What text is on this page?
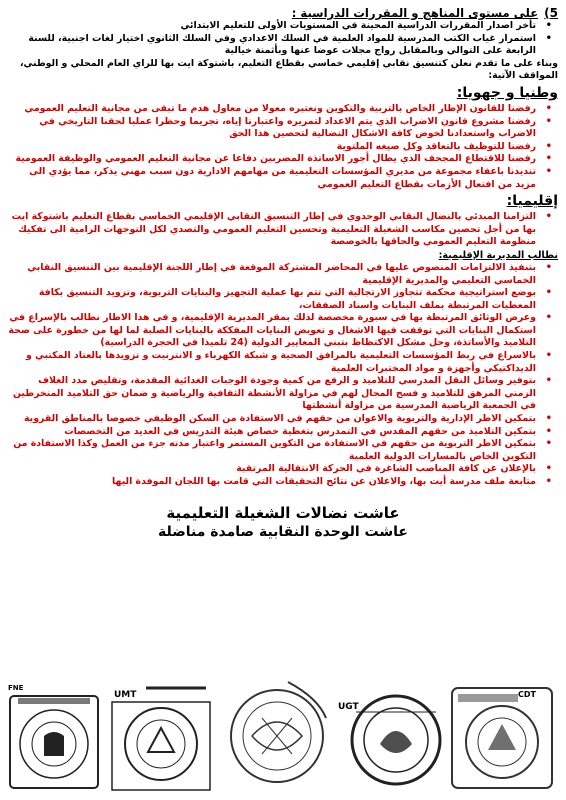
5)
على مستوى المناهج و المقررات الدراسية :
• تأخر اصدار المقررات الدراسية المحينة في المستويات الأولى للتعليم الابتدائي
• استمرار غياب الكتب المدرسية للمواد العلمية في السلك الاعدادي وفي السلك الثانوي اختيار لغات اجنبية، للسنة الرابعة على التوالي وبالمقابل رواج مجلات عوضا عنها وبأثمنة خيالية
وبناء على ما تقدم نعلن كتنسيق نقابي إقليمي خماسي بقطاع التعليم، باشتوكة ايت بها للراي العام المحلي و الوطني، المواقف الآتية:
وطنيا و جهويا:
• رفضنا للقانون الإطار الخاص بالتربية والتكوين ونعتبره معولا من معاول هدم ما تبقى من مجانية التعليم العمومي
• رفضنا مشروع قانون الاضراب الذي يتم الاعداد لتمريره واعتبارنا إياه، تجريما وحظرا عمليا لحقنا التاريخي في الاضراب واستعدادنا لخوض كافة الاشكال النضالية لتحصين هذا الحق
• رفضنا للتوظيف بالتعاقد وكل صيغه الملتوية
• رفضنا للاقتطاع المجحف الذي يطال أجور الاساتذة المضربين دفاعا عن مجانية التعليم العمومي والوظيفة العمومية
• تنديدنا باعفاء مجموعة من مديري المؤسسات التعليمية من مهامهم الادارية دون سبب مهني يذكر، مما يؤدي الى مزيد من افتعال الأزمات بقطاع التعليم العمومي
إقليميا:
• التزامنا المبدئي بالنضال النقابي الوحدوي في إطار التنسيق النقابي الإقليمي الخماسي بقطاع التعليم باشتوكة ايت بها من أجل تحصين مكاسب الشغيلة التعليمية وتحسين التعليم العمومي والتصدي لكل التوجهات الرامية الى تفكيك منظومة التعليم العمومي والحاقها بالخوصصة
نطالب المديرية الإقليمية:
• بتنفيذ الالتزامات المنصوص عليها في المحاضر المشتركة الموقعة في إطار اللجنة الإقليمية بين التنسيق النقابي الخماسي التعليمي والمديرية الإقليمية
• بوضع استراتيجية محكمة تتجاوز الارتجالية التي تتم بها عملية التجهيز والبنايات التربوية، وتزويد التنسيق بكافة المعطيات المرتبطة بملف البنايات واسناد الصفقات،
• وعرض الوثائق المرتبطة بها في سبورة مخصصة لذلك بمقر المديرية الإقليمية، و في هذا الاطار نطالب بالإسراع في استكمال البنايات التي توقفت فيها الاشغال و تعويض البنايات المفككة بالبنايات الصلبة لما لها من خطورة على صحة التلاميذ والأساتذة، وحل مشكل الاكتظاظ بتبني المعايير الدولية (24 تلميذا في الحجرة الدراسية)
• بالاسراع في ربط المؤسسات التعليمية بالمرافق الصحية و شبكة الكهرباء و الانترنيت و تزويدها بالعتاد المكتبي و الديداكتيكي وأجهزة و مواد المختبرات العلمية
• بتوفير وسائل النقل المدرسي للتلاميذ و الرفع من كمية وجودة الوجبات الغدائية المقدمة، وتقليص مدد الغلاف الزمني المرهق للتلاميذ و فسح المجال لهم في مزاولة الأنشطة الثقافية والرياضية و ضمان حق التلاميذ المنخرطين في الجمعية الرياضية المدرسية من مزاولة أنشطتها
• بتمكين الاطر الإدارية والتربوية والاعوان من حقهم في الاستفادة من السكن الوظيفي خصوصا بالمناطق القروية
• بتمكين التلاميذ من حقهم المقدس في التمدرس بتغطية خصاص هيئة التدريس في العديد من التخصصات
• بتمكين الاطر التربوية من حقهم في الاستفادة من التكوين المستمر واعتبار مدته جزء من العمل وكذا الاستفادة من التكوين الخاص بالمسارات الدولية العلمية
• بالإعلان عن كافة المناصب الشاغرة في الحركة الانتقالية المرتقبة
• متابعة ملف مدرسة أيت بها، والاعلان عن نتائج التحقيقات التي قامت بها اللجان الموفدة اليها
عاشت نضالات الشغيلة التعليمية
عاشت الوحدة النقابية صامدة مناضلة
FNE
UMT
UGT
CDT
